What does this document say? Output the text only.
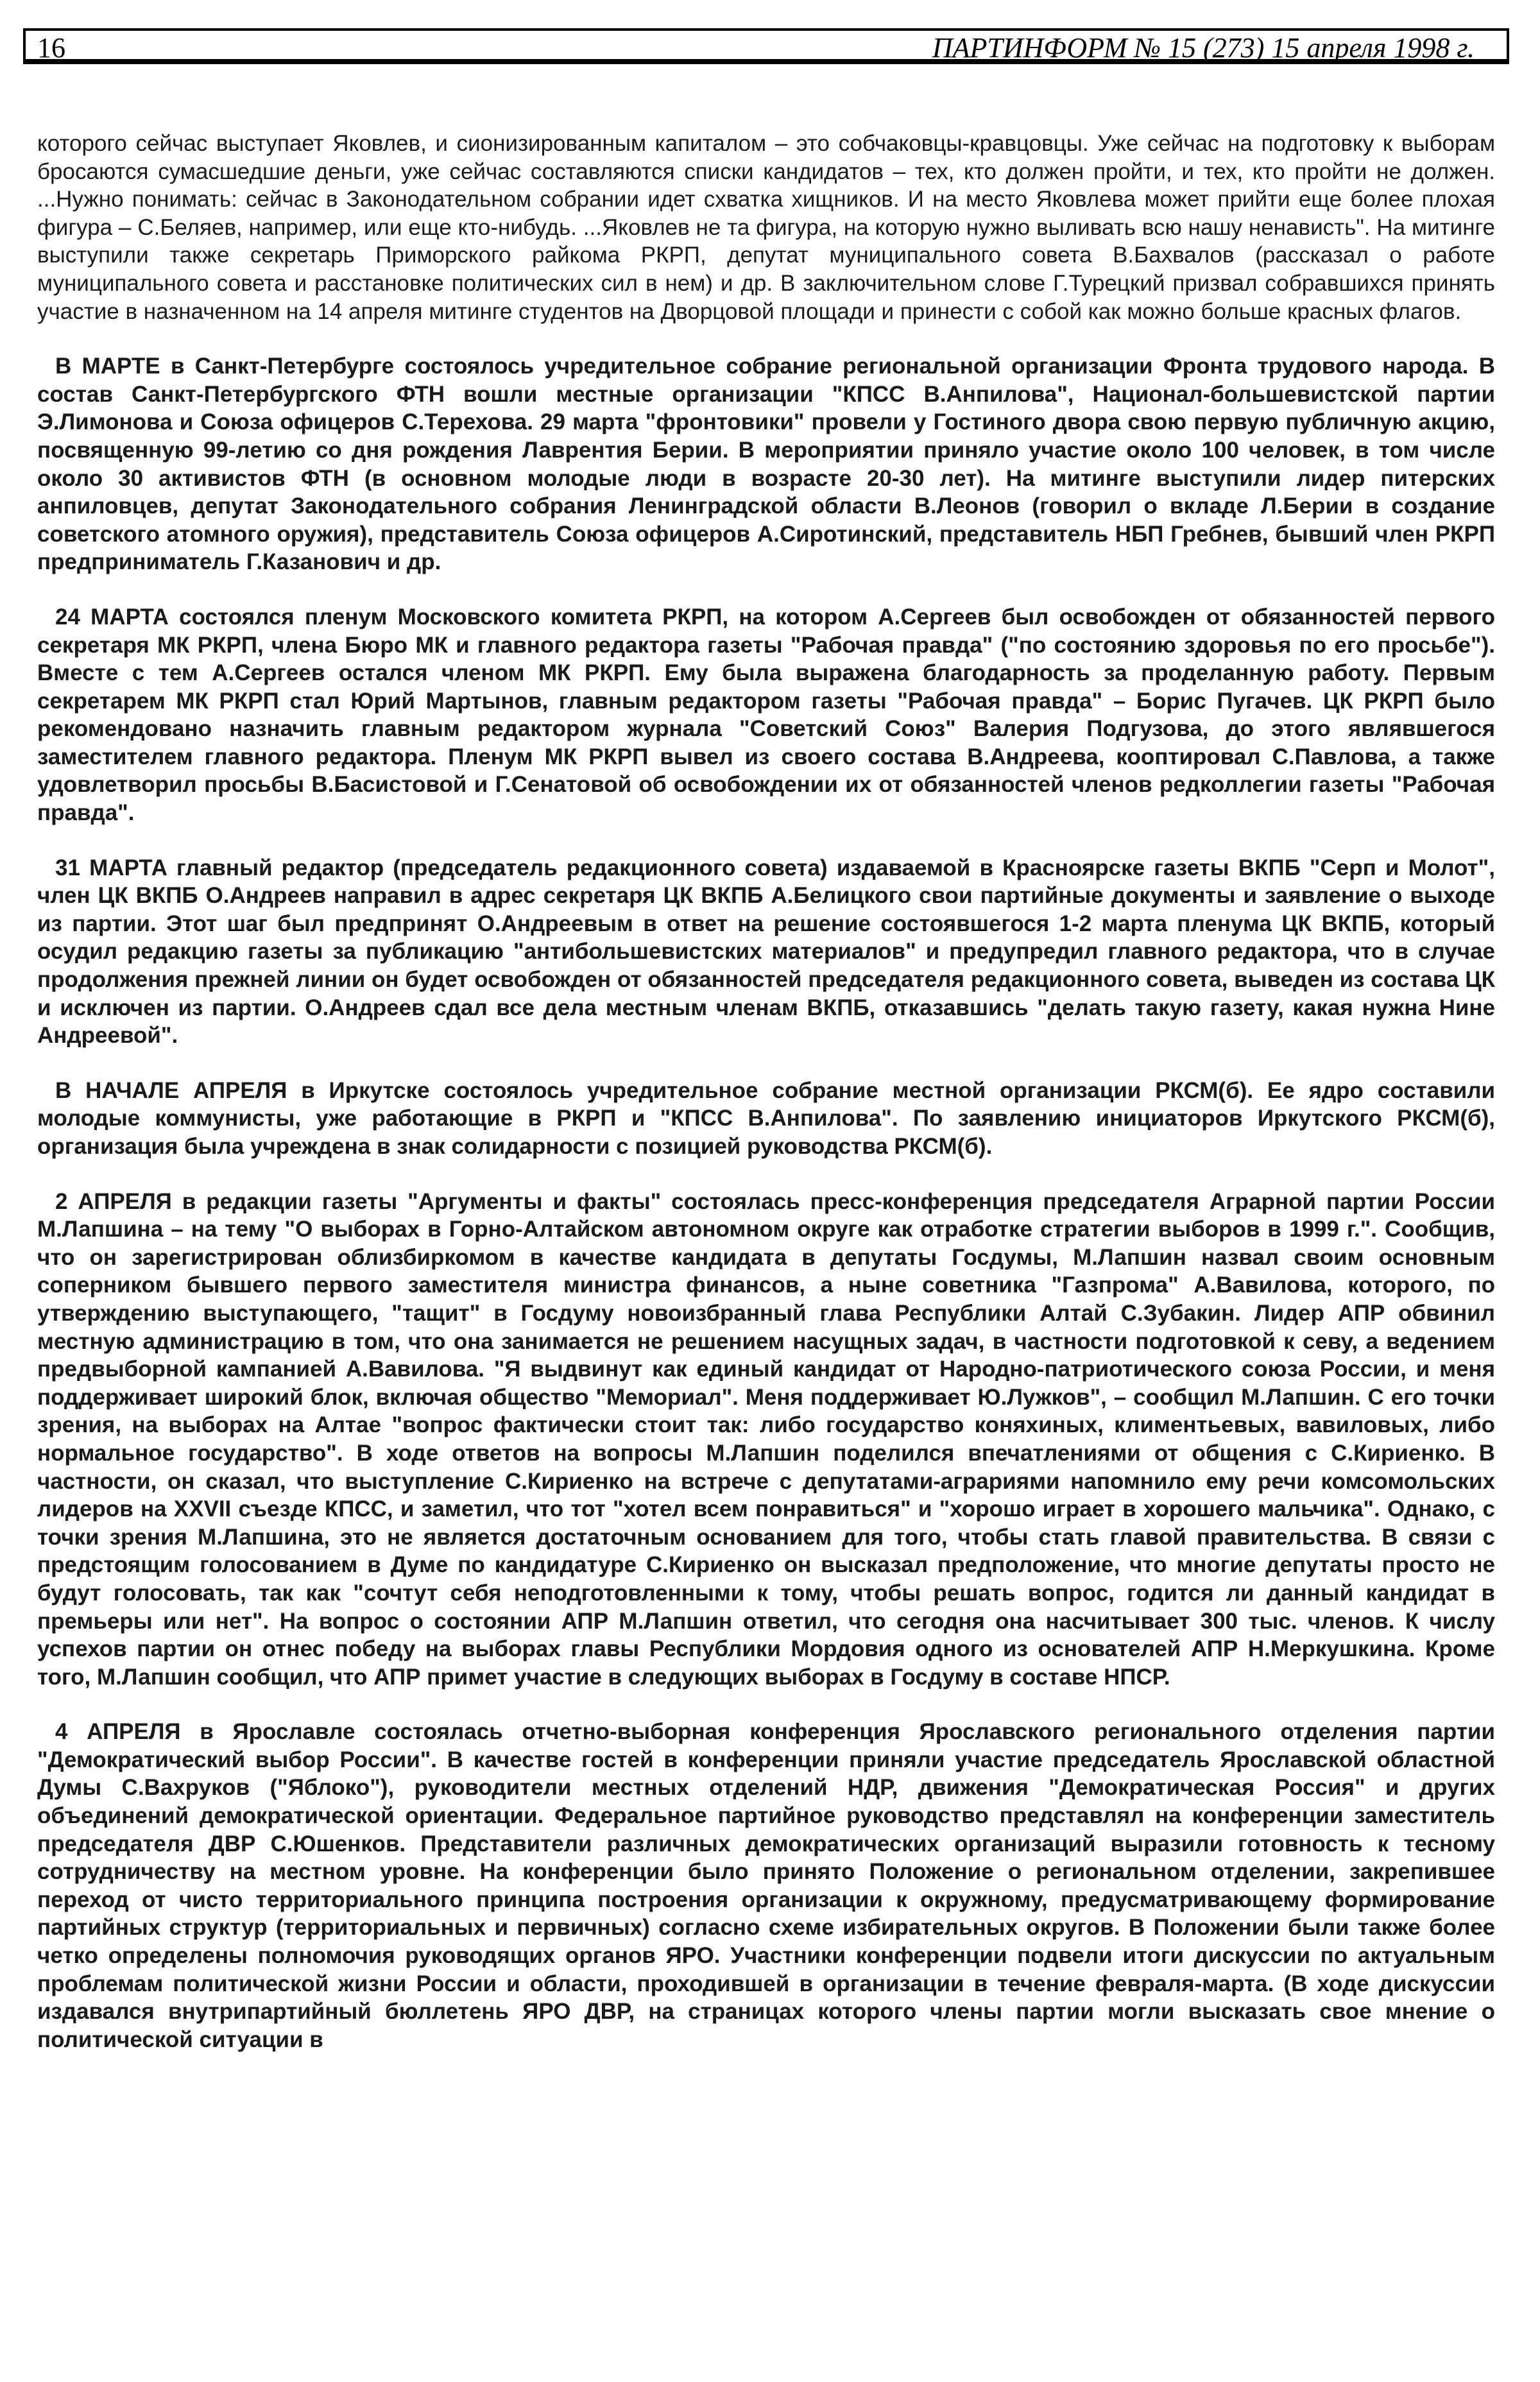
16	ПАРТИНФОРМ № 15 (273) 15 апреля 1998 г.

которого сейчас выступает Яковлев, и сионизированным капиталом – это собчаковцы-кравцовцы. Уже сейчас на подготовку к выборам бросаются сумасшедшие деньги, уже сейчас составляются списки кандидатов – тех, кто должен пройти, и тех, кто пройти не должен. ...Нужно понимать: сейчас в Законодательном собрании идет схватка хищников. И на место Яковлева может прийти еще более плохая фигура – С.Беляев, например, или еще кто-нибудь. ...Яковлев не та фигура, на которую нужно выливать всю нашу ненависть". На митинге выступили также секретарь Приморского райкома РКРП, депутат муниципального совета В.Бахвалов (рассказал о работе муниципального совета и расстановке политических сил в нем) и др. В заключительном слове Г.Турецкий призвал собравшихся принять участие в назначенном на 14 апреля митинге студентов на Дворцовой площади и принести с собой как можно больше красных флагов.

В МАРТЕ в Санкт-Петербурге состоялось учредительное собрание региональной организации Фронта трудового народа. В состав Санкт-Петербургского ФТН вошли местные организации "КПСС В.Анпилова", Национал-большевистской партии Э.Лимонова и Союза офицеров С.Терехова. 29 марта "фронтовики" провели у Гостиного двора свою первую публичную акцию, посвященную 99-летию со дня рождения Лаврентия Берии. В мероприятии приняло участие около 100 человек, в том числе около 30 активистов ФТН (в основном молодые люди в возрасте 20-30 лет). На митинге выступили лидер питерских анпиловцев, депутат Законодательного собрания Ленинградской области В.Леонов (говорил о вкладе Л.Берии в создание советского атомного оружия), представитель Союза офицеров А.Сиротинский, представитель НБП Гребнев, бывший член РКРП предприниматель Г.Казанович и др.

24 МАРТА состоялся пленум Московского комитета РКРП, на котором А.Сергеев был освобожден от обязанностей первого секретаря МК РКРП, члена Бюро МК и главного редактора газеты "Рабочая правда" ("по состоянию здоровья по его просьбе"). Вместе с тем А.Сергеев остался членом МК РКРП. Ему была выражена благодарность за проделанную работу. Первым секретарем МК РКРП стал Юрий Мартынов, главным редактором газеты "Рабочая правда" – Борис Пугачев. ЦК РКРП было рекомендовано назначить главным редактором журнала "Советский Союз" Валерия Подгузова, до этого являвшегося заместителем главного редактора. Пленум МК РКРП вывел из своего состава В.Андреева, кооптировал С.Павлова, а также удовлетворил просьбы В.Басистовой и Г.Сенатовой об освобождении их от обязанностей членов редколлегии газеты "Рабочая правда".

31 МАРТА главный редактор (председатель редакционного совета) издаваемой в Красноярске газеты ВКПБ "Серп и Молот", член ЦК ВКПБ О.Андреев направил в адрес секретаря ЦК ВКПБ А.Белицкого свои партийные документы и заявление о выходе из партии. Этот шаг был предпринят О.Андреевым в ответ на решение состоявшегося 1-2 марта пленума ЦК ВКПБ, который осудил редакцию газеты за публикацию "антибольшевистских материалов" и предупредил главного редактора, что в случае продолжения прежней линии он будет освобожден от обязанностей председателя редакционного совета, выведен из состава ЦК и исключен из партии. О.Андреев сдал все дела местным членам ВКПБ, отказавшись "делать такую газету, какая нужна Нине Андреевой".

В НАЧАЛЕ АПРЕЛЯ в Иркутске состоялось учредительное собрание местной организации РКСМ(б). Ее ядро составили молодые коммунисты, уже работающие в РКРП и "КПСС В.Анпилова". По заявлению инициаторов Иркутского РКСМ(б), организация была учреждена в знак солидарности с позицией руководства РКСМ(б).

2 АПРЕЛЯ в редакции газеты "Аргументы и факты" состоялась пресс-конференция председателя Аграрной партии России М.Лапшина – на тему "О выборах в Горно-Алтайском автономном округе как отработке стратегии выборов в 1999 г.". Сообщив, что он зарегистрирован облизбиркомом в качестве кандидата в депутаты Госдумы, М.Лапшин назвал своим основным соперником бывшего первого заместителя министра финансов, а ныне советника "Газпрома" А.Вавилова, которого, по утверждению выступающего, "тащит" в Госдуму новоизбранный глава Республики Алтай С.Зубакин. Лидер АПР обвинил местную администрацию в том, что она занимается не решением насущных задач, в частности подготовкой к севу, а ведением предвыборной кампанией А.Вавилова. "Я выдвинут как единый кандидат от Народно-патриотического союза России, и меня поддерживает широкий блок, включая общество "Мемориал". Меня поддерживает Ю.Лужков", – сообщил М.Лапшин. С его точки зрения, на выборах на Алтае "вопрос фактически стоит так: либо государство коняхиных, климентьевых, вавиловых, либо нормальное государство". В ходе ответов на вопросы М.Лапшин поделился впечатлениями от общения с С.Кириенко. В частности, он сказал, что выступление С.Кириенко на встрече с депутатами-аграриями напомнило ему речи комсомольских лидеров на XXVII съезде КПСС, и заметил, что тот "хотел всем понравиться" и "хорошо играет в хорошего мальчика". Однако, с точки зрения М.Лапшина, это не является достаточным основанием для того, чтобы стать главой правительства. В связи с предстоящим голосованием в Думе по кандидатуре С.Кириенко он высказал предположение, что многие депутаты просто не будут голосовать, так как "сочтут себя неподготовленными к тому, чтобы решать вопрос, годится ли данный кандидат в премьеры или нет". На вопрос о состоянии АПР М.Лапшин ответил, что сегодня она насчитывает 300 тыс. членов. К числу успехов партии он отнес победу на выборах главы Республики Мордовия одного из основателей АПР Н.Меркушкина. Кроме того, М.Лапшин сообщил, что АПР примет участие в следующих выборах в Госдуму в составе НПСР.

4 АПРЕЛЯ в Ярославле состоялась отчетно-выборная конференция Ярославского регионального отделения партии "Демократический выбор России". В качестве гостей в конференции приняли участие председатель Ярославской областной Думы С.Вахруков ("Яблоко"), руководители местных отделений НДР, движения "Демократическая Россия" и других объединений демократической ориентации. Федеральное партийное руководство представлял на конференции заместитель председателя ДВР С.Юшенков. Представители различных демократических организаций выразили готовность к тесному сотрудничеству на местном уровне. На конференции было принято Положение о региональном отделении, закрепившее переход от чисто территориального принципа построения организации к окружному, предусматривающему формирование партийных структур (территориальных и первичных) согласно схеме избирательных округов. В Положении были также более четко определены полномочия руководящих органов ЯРО. Участники конференции подвели итоги дискуссии по актуальным проблемам политической жизни России и области, проходившей в организации в течение февраля-марта. (В ходе дискуссии издавался внутрипартийный бюллетень ЯРО ДВР, на страницах которого члены партии могли высказать свое мнение о политической ситуации в
